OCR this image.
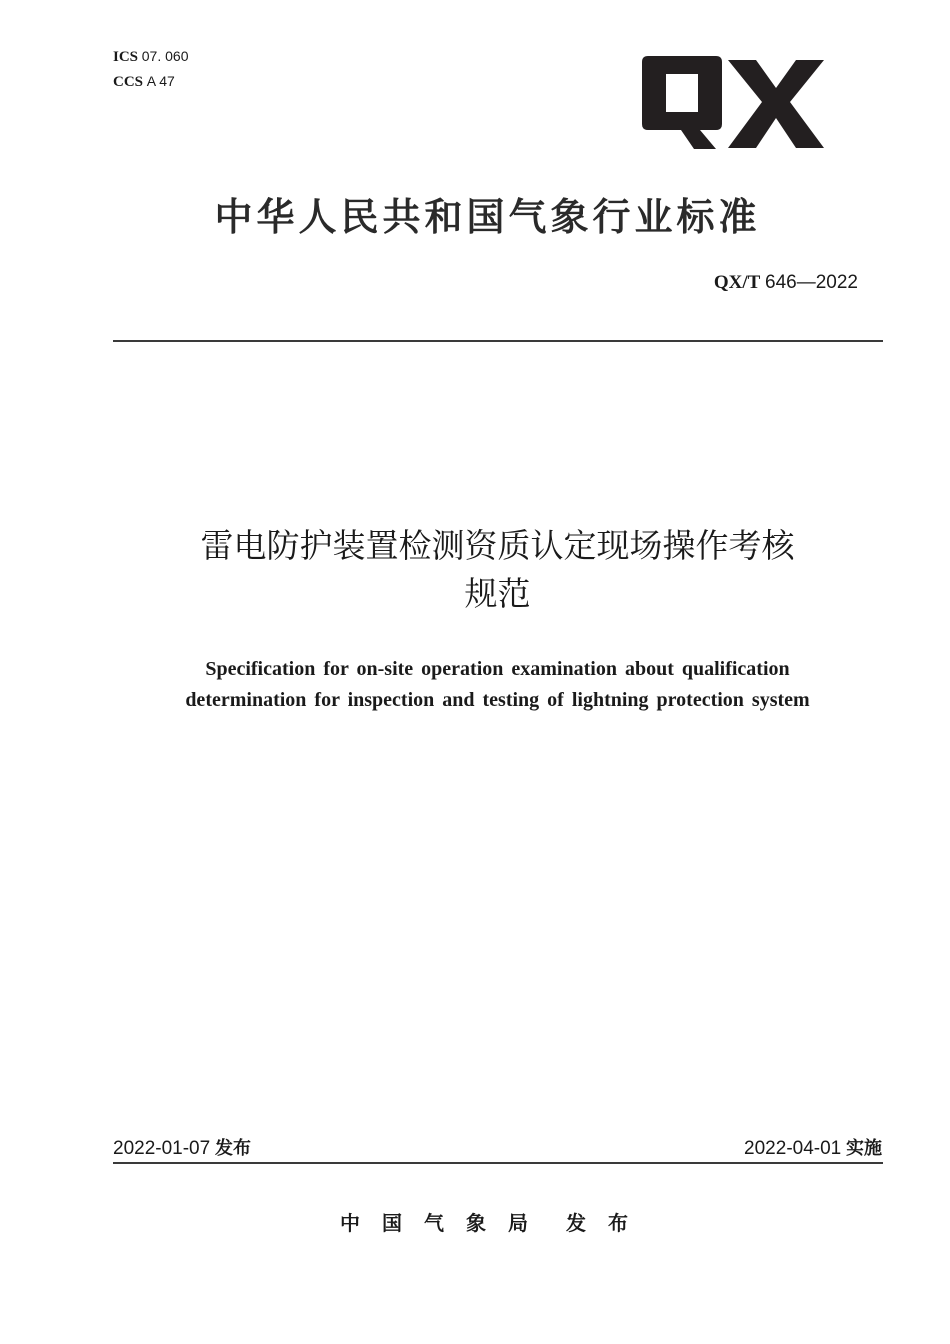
ICS 07. 060
CCS A 47
中华人民共和国气象行业标准
QX/T 646—2022
雷电防护装置检测资质认定现场操作考核
规范
Specification for on-site operation examination about qualification
determination for inspection and testing of lightning protection system
2022-01-07 发布	2022-04-01 实施
中国气象局 发布
